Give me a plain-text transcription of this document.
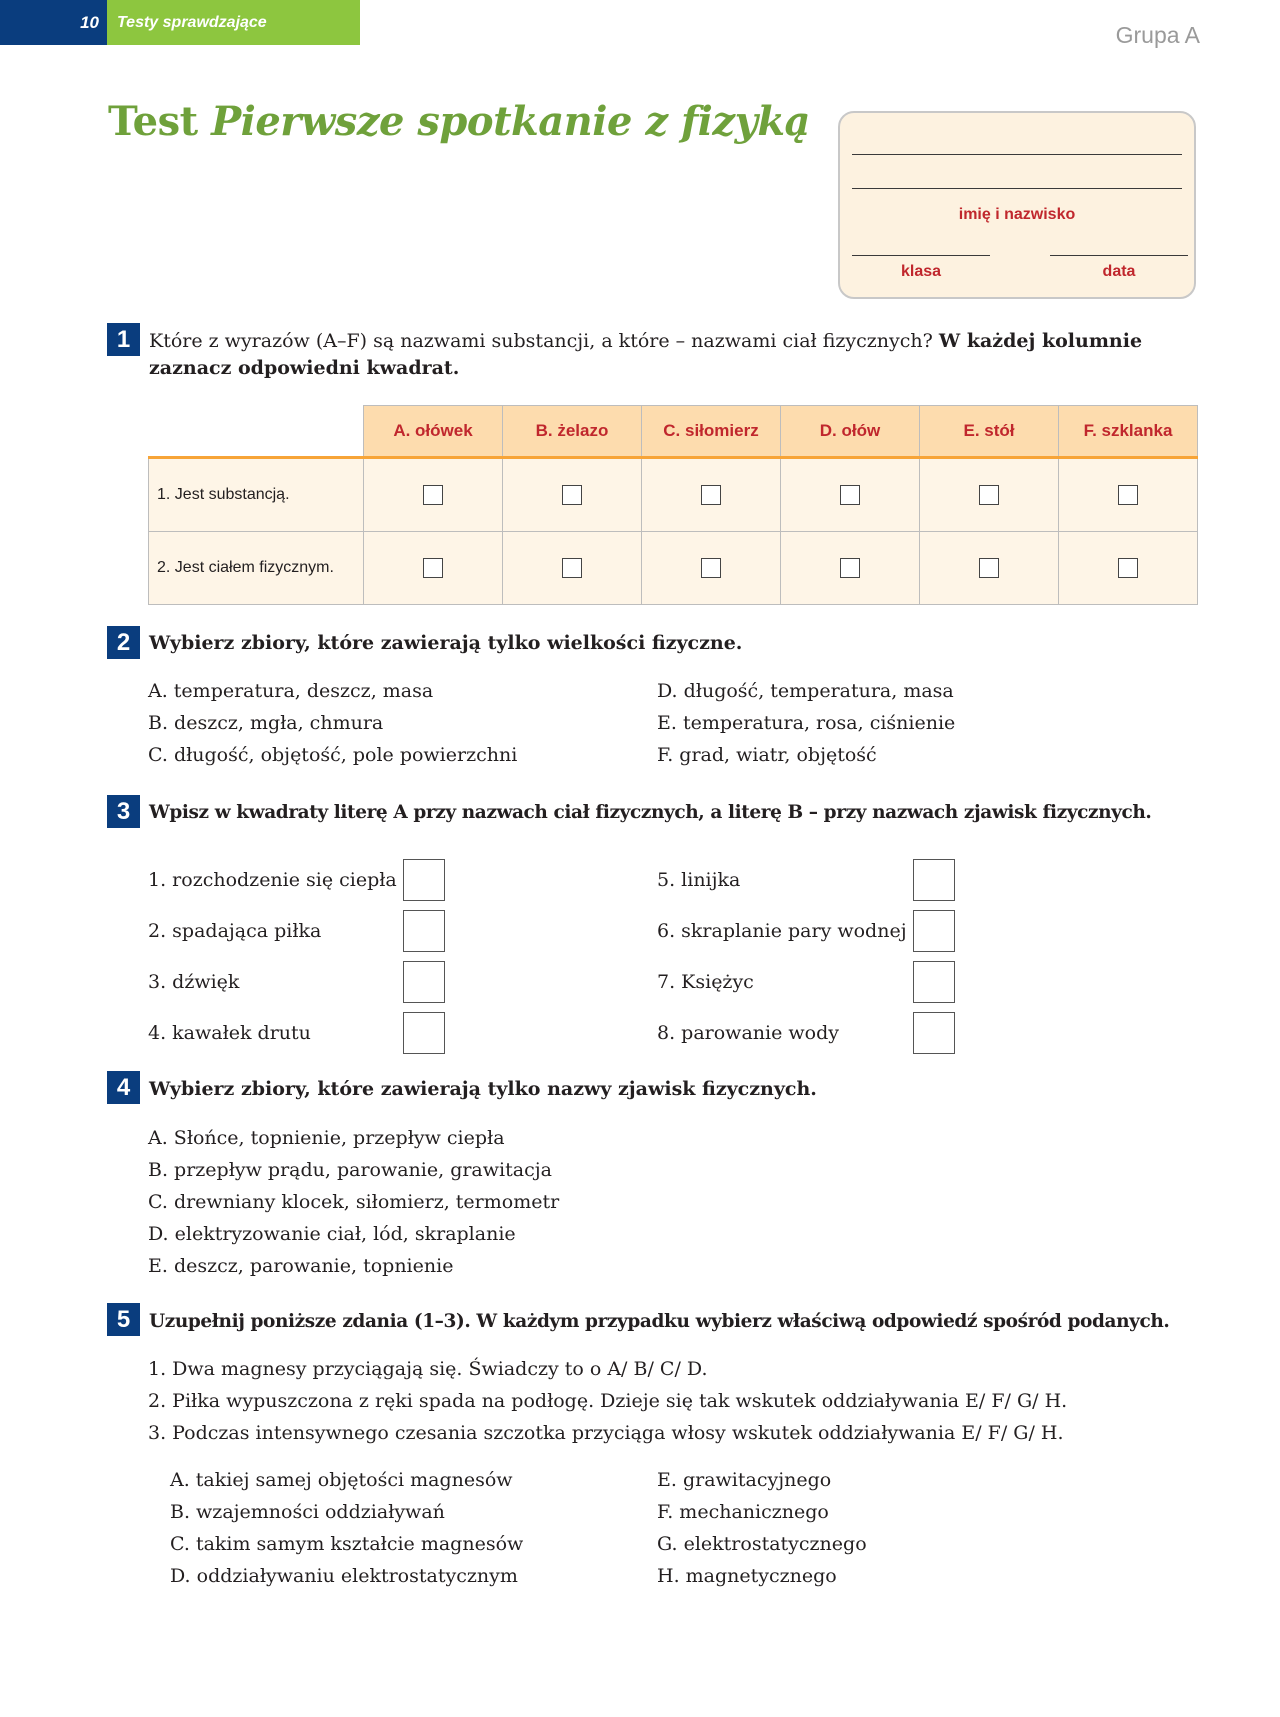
10	Testy sprawdzające	Grupa A
Test Pierwsze spotkanie z fizyką
imię i nazwisko
klasa	data
1 Które z wyrazów (A–F) są nazwami substancji, a które – nazwami ciał fizycznych? W każdej kolumnie zaznacz odpowiedni kwadrat.

	A. ołówek	B. żelazo	C. siłomierz	D. ołów	E. stół	F. szklanka
1. Jest substancją.	

2. Jest ciałem fizycznym.	

2 Wybierz zbiory, które zawierają tylko wielkości fizyczne.

A. temperatura, deszcz, masa

B. deszcz, mgła, chmura

C. długość, objętość, pole powierzchni

D. długość, temperatura, masa

E. temperatura, rosa, ciśnienie

F. grad, wiatr, objętość

3	Wpisz w kwadraty literę A przy nazwach ciał fizycznych, a literę B – przy nazwach zjawisk fizycznych.

1. rozchodzenie się ciepła

2. spadająca piłka

3. dźwięk

4. kawałek drutu

5. linijka

6. skraplanie pary wodnej

7. Księżyc

8. parowanie wody

4 Wybierz zbiory, które zawierają tylko nazwy zjawisk fizycznych.

A. Słońce, topnienie, przepływ ciepła

B. przepływ prądu, parowanie, grawitacja

C. drewniany klocek, siłomierz, termometr

D. elektryzowanie ciał, lód, skraplanie

E. deszcz, parowanie, topnienie

5	Uzupełnij poniższe zdania (1–3). W każdym przypadku wybierz właściwą odpowiedź spośród podanych.

1. Dwa magnesy przyciągają się. Świadczy to o A/ B/ C/ D.

2. Piłka wypuszczona z ręki spada na podłogę. Dzieje się tak wskutek oddziaływania E/ F/ G/ H.

3. Podczas intensywnego czesania szczotka przyciąga włosy wskutek oddziaływania E/ F/ G/ H.

A. takiej samej objętości magnesów

B. wzajemności oddziaływań

C. takim samym kształcie magnesów

D. oddziaływaniu elektrostatycznym

E. grawitacyjnego

F. mechanicznego

G. elektrostatycznego

H. magnetycznego
